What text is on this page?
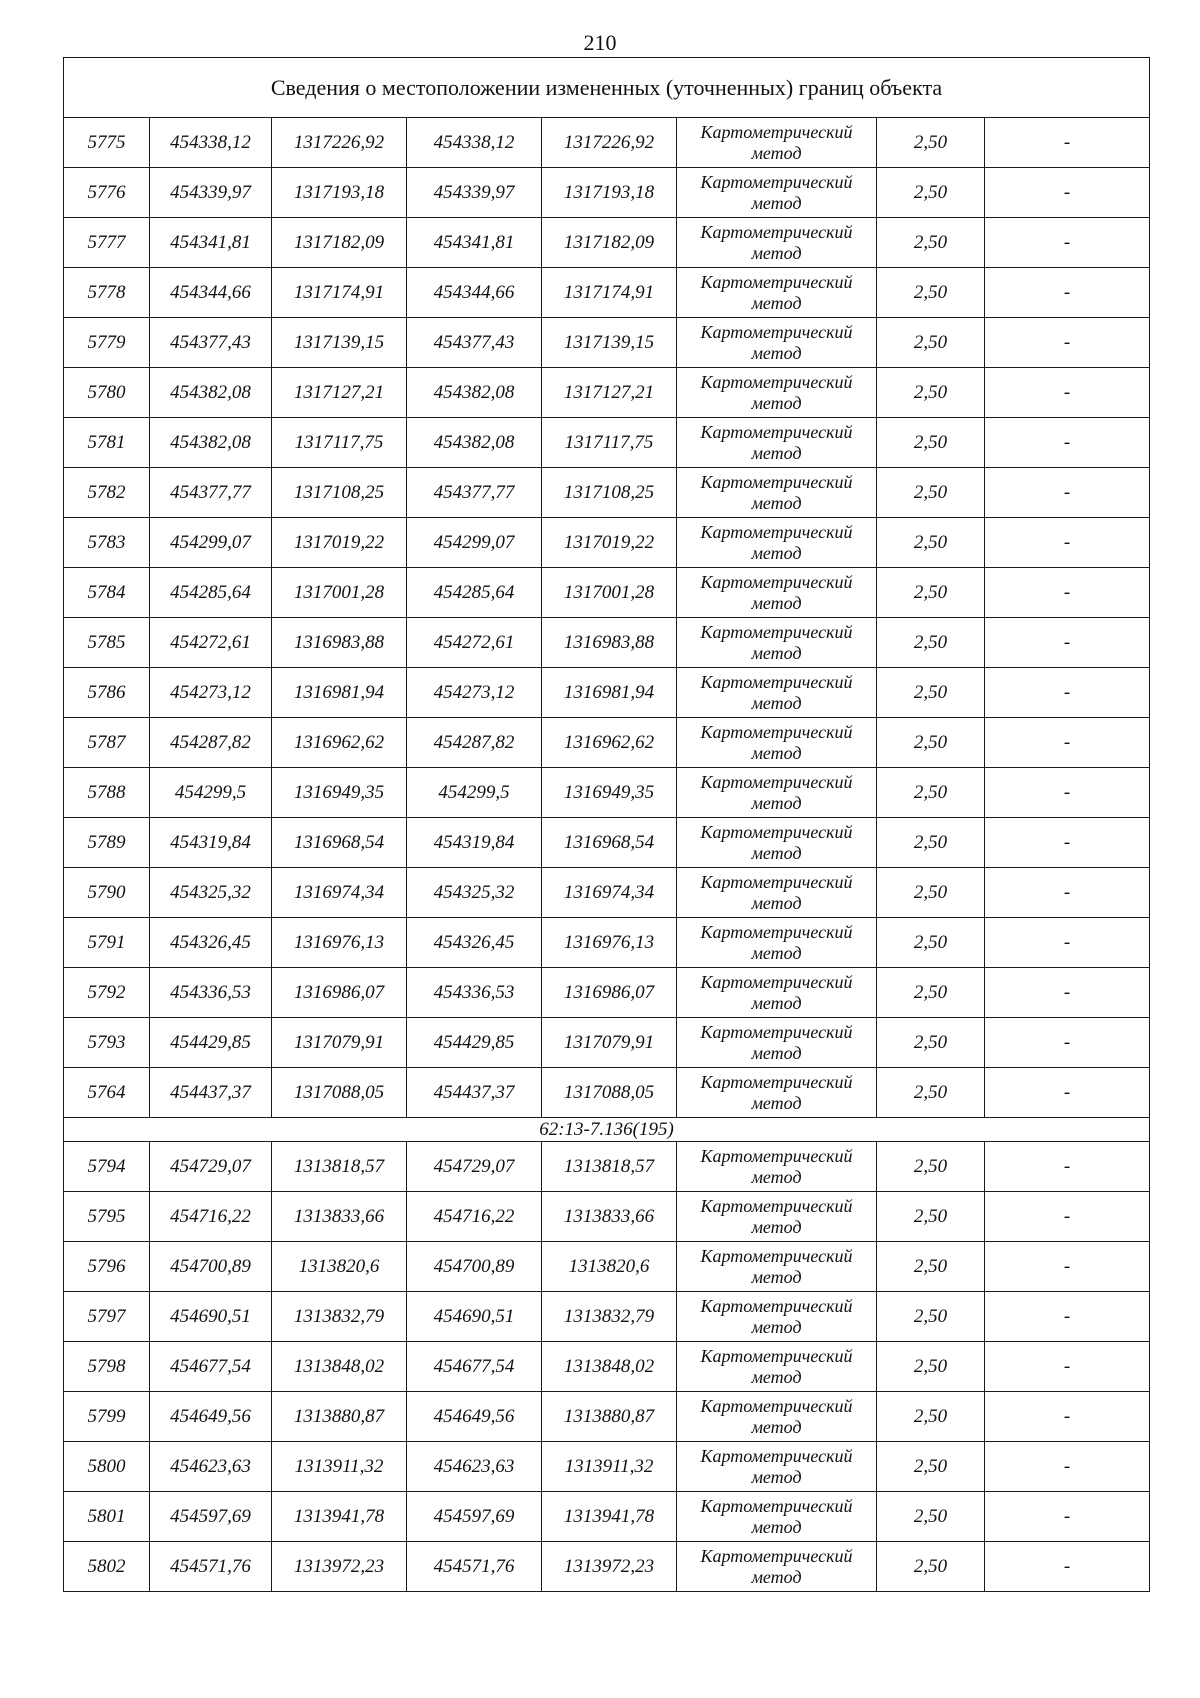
210
Сведения о местоположении измененных (уточненных) границ объекта							
5775	454338,12	1317226,92	454338,12	1317226,92	Картометрический метод	2,50	-
5776	454339,97	1317193,18	454339,97	1317193,18	Картометрический метод	2,50	-
5777	454341,81	1317182,09	454341,81	1317182,09	Картометрический метод	2,50	-
5778	454344,66	1317174,91	454344,66	1317174,91	Картометрический метод	2,50	-
5779	454377,43	1317139,15	454377,43	1317139,15	Картометрический метод	2,50	-
5780	454382,08	1317127,21	454382,08	1317127,21	Картометрический метод	2,50	-
5781	454382,08	1317117,75	454382,08	1317117,75	Картометрический метод	2,50	-
5782	454377,77	1317108,25	454377,77	1317108,25	Картометрический метод	2,50	-
5783	454299,07	1317019,22	454299,07	1317019,22	Картометрический метод	2,50	-
5784	454285,64	1317001,28	454285,64	1317001,28	Картометрический метод	2,50	-
5785	454272,61	1316983,88	454272,61	1316983,88	Картометрический метод	2,50	-
5786	454273,12	1316981,94	454273,12	1316981,94	Картометрический метод	2,50	-
5787	454287,82	1316962,62	454287,82	1316962,62	Картометрический метод	2,50	-
5788	454299,5	1316949,35	454299,5	1316949,35	Картометрический метод	2,50	-
5789	454319,84	1316968,54	454319,84	1316968,54	Картометрический метод	2,50	-
5790	454325,32	1316974,34	454325,32	1316974,34	Картометрический метод	2,50	-
5791	454326,45	1316976,13	454326,45	1316976,13	Картометрический метод	2,50	-
5792	454336,53	1316986,07	454336,53	1316986,07	Картометрический метод	2,50	-
5793	454429,85	1317079,91	454429,85	1317079,91	Картометрический метод	2,50	-
5764	454437,37	1317088,05	454437,37	1317088,05	Картометрический метод	2,50	-
62:13-7.136(195)							
5794	454729,07	1313818,57	454729,07	1313818,57	Картометрический метод	2,50	-
5795	454716,22	1313833,66	454716,22	1313833,66	Картометрический метод	2,50	-
5796	454700,89	1313820,6	454700,89	1313820,6	Картометрический метод	2,50	-
5797	454690,51	1313832,79	454690,51	1313832,79	Картометрический метод	2,50	-
5798	454677,54	1313848,02	454677,54	1313848,02	Картометрический метод	2,50	-
5799	454649,56	1313880,87	454649,56	1313880,87	Картометрический метод	2,50	-
5800	454623,63	1313911,32	454623,63	1313911,32	Картометрический метод	2,50	-
5801	454597,69	1313941,78	454597,69	1313941,78	Картометрический метод	2,50	-
5802	454571,76	1313972,23	454571,76	1313972,23	Картометрический метод	2,50	-
